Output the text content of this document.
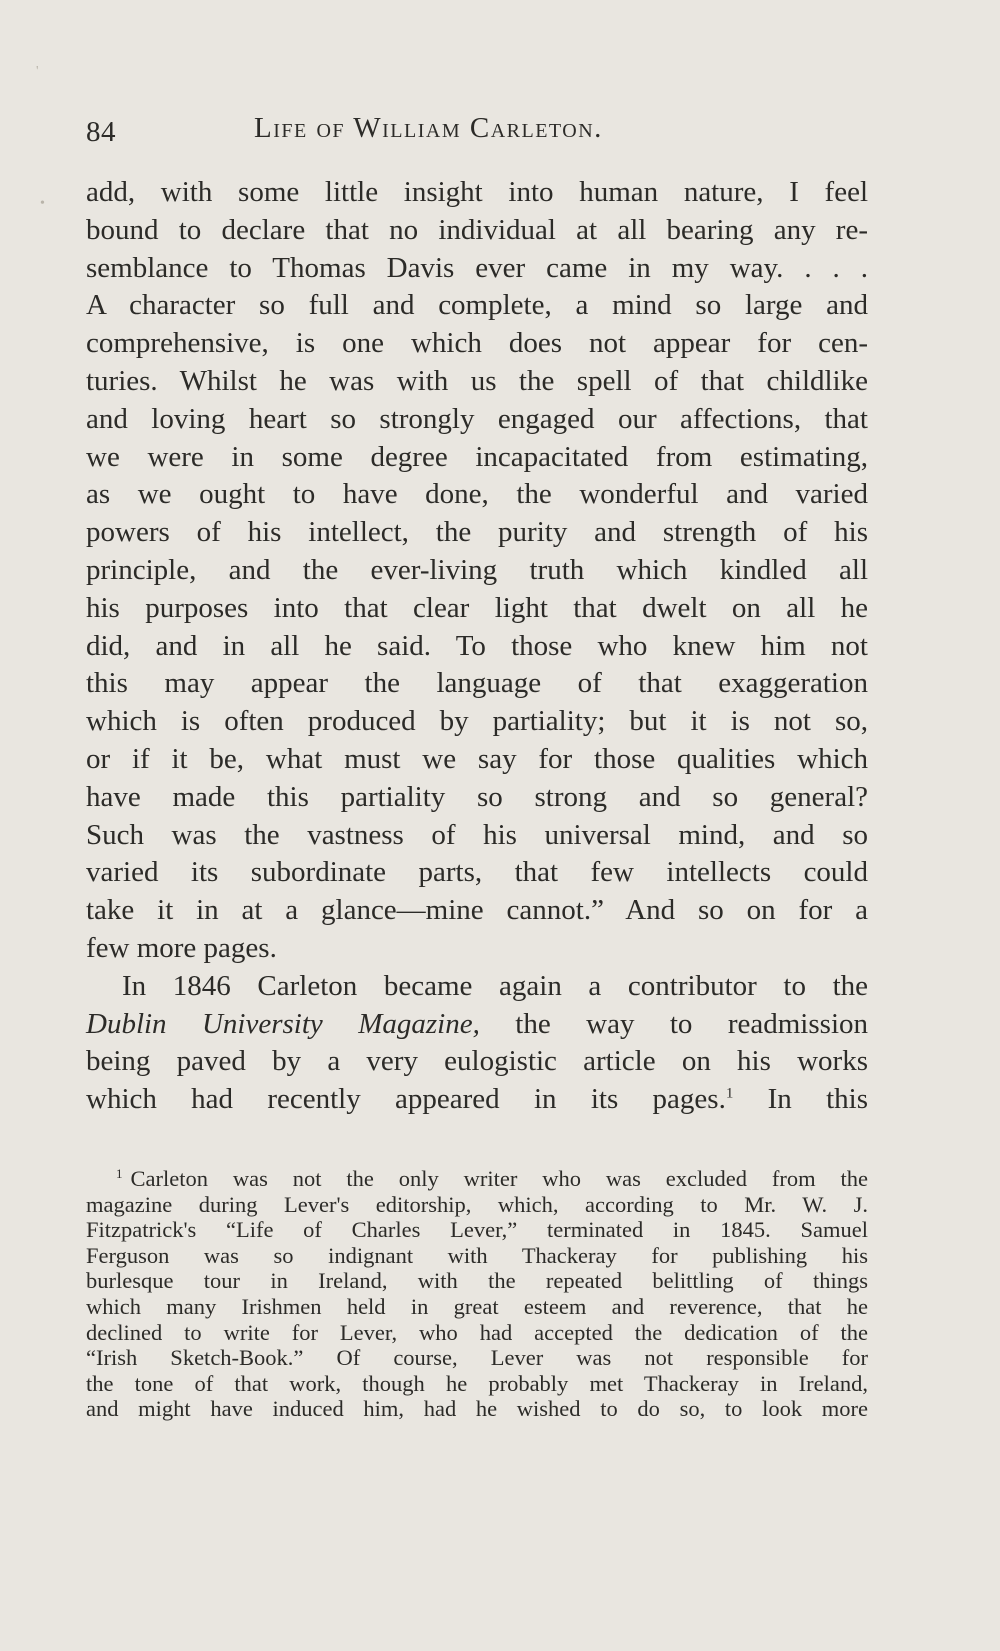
'
•
84	Life of William Carleton.
add, with some little insight into human nature, I feel
bound to declare that no individual at all bearing any re-
semblance to Thomas Davis ever came in my way. . . .
A character so full and complete, a mind so large and
comprehensive, is one which does not appear for cen-
turies. Whilst he was with us the spell of that childlike
and loving heart so strongly engaged our affections, that
we were in some degree incapacitated from estimating,
as we ought to have done, the wonderful and varied
powers of his intellect, the purity and strength of his
principle, and the ever-living truth which kindled all
his purposes into that clear light that dwelt on all he
did, and in all he said. To those who knew him not
this may appear the language of that exaggeration
which is often produced by partiality; but it is not so,
or if it be, what must we say for those qualities which
have made this partiality so strong and so general?
Such was the vastness of his universal mind, and so
varied its subordinate parts, that few intellects could
take it in at a glance—mine cannot.” And so on for a
few more pages.
In 1846 Carleton became again a contributor to the
Dublin University Magazine, the way to readmission
being paved by a very eulogistic article on his works
which had recently appeared in its pages.$^1$ In this
$^1$ Carleton was not the only writer who was excluded from the
magazine during Lever's editorship, which, according to Mr. W. J.
Fitzpatrick's “Life of Charles Lever,” terminated in 1845. Samuel
Ferguson was so indignant with Thackeray for publishing his
burlesque tour in Ireland, with the repeated belittling of things
which many Irishmen held in great esteem and reverence, that he
declined to write for Lever, who had accepted the dedication of the
“Irish Sketch-Book.” Of course, Lever was not responsible for
the tone of that work, though he probably met Thackeray in Ireland,
and might have induced him, had he wished to do so, to look more
